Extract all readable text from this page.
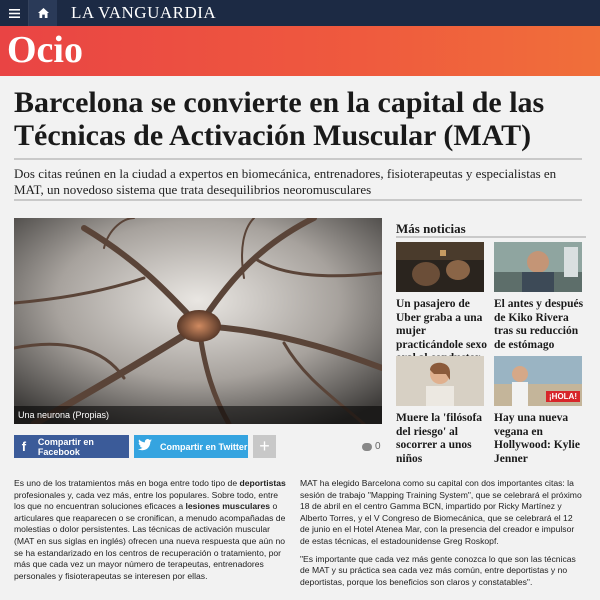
LA VANGUARDIA
Ocio
Barcelona se convierte en la capital de las Técnicas de Activación Muscular (MAT)

Dos citas reúnen en la ciudad a expertos en biomecánica, entrenadores, fisioterapeutas y especialistas en MAT, un novedoso sistema que trata desequilibrios neoromusculares

Una neurona (Propias)
f	Compartir en Facebook	Compartir en Twitter +	0
Más noticias
Un pasajero de Uber graba a una mujer practicándole sexo
El antes y después de Kiko Rivera tras su reducción de estómago
Muere la 'filósofa del riesgo' al socorrer a unos niños
¡HOLA!
Hay una nueva vegana en Hollywood: Kylie Jenner

Es uno de los tratamientos más en boga entre todo tipo de deportistas profesionales y, cada vez más, entre los populares. Sobre todo, entre los que no encuentran soluciones eficaces a lesiones musculares o articulares que reaparecen o se cronifican, a menudo acompañadas de molestias o dolor persistentes. Las técnicas de activación muscular (MAT en sus siglas en inglés) ofrecen una nueva respuesta que aún no se ha estandarizado en los centros de recuperación o tratamiento, por más que cada vez un mayor número de terapeutas, entrenadores personales y fisioterapeutas se interesen por ellas.

MAT ha elegido Barcelona como su capital con dos importantes citas: la sesión de trabajo "Mapping Training System", que se celebrará el próximo 18 de abril en el centro Gamma BCN, impartido por Ricky Martínez y Alberto Torres, y el V Congreso de Biomecánica, que se celebrará el 12 de junio en el Hotel Atenea Mar, con la presencia del creador e impulsor de estas técnicas, el estadounidense Greg Roskopf.

"Es importante que cada vez más gente conozca lo que son las técnicas de MAT y su práctica sea cada vez más común, entre deportistas y no deportistas, porque los beneficios son claros y constatables".
